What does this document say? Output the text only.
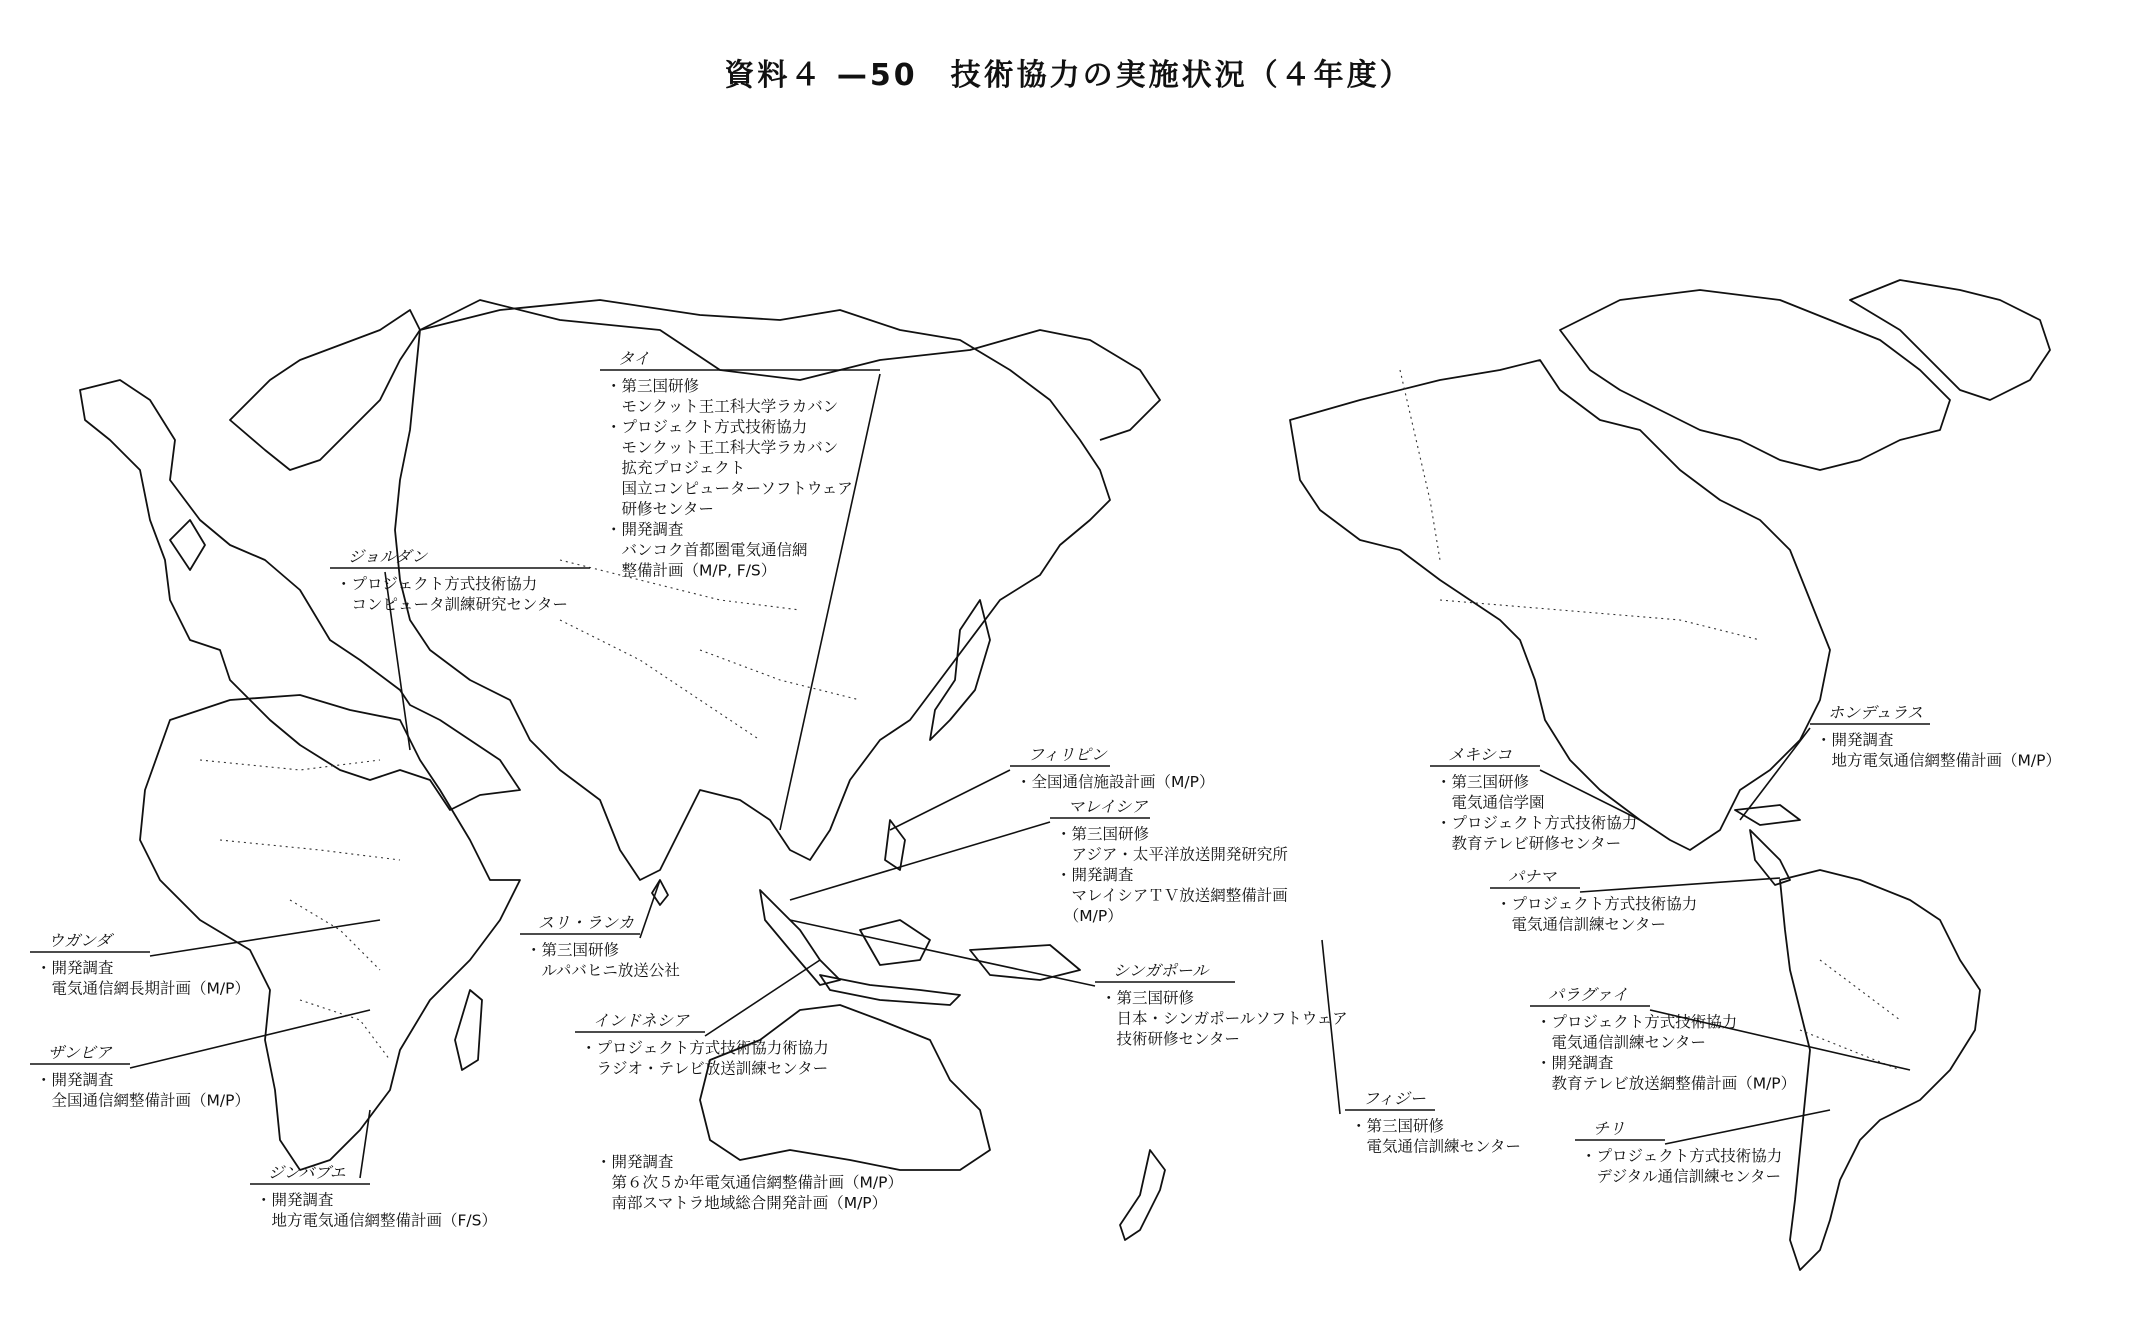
資料４ —50　技術協力の実施状況（４年度）
タイ
・第三国研修
　モンクット王工科大学ラカバン
・プロジェクト方式技術協力
　モンクット王工科大学ラカバン
　拡充プロジェクト
　国立コンピューターソフトウェア
　研修センター
・開発調査
　バンコク首都圏電気通信網
　整備計画（M/P, F/S）
ジョルダン
・プロジェクト方式技術協力
　コンピュータ訓練研究センター
フィリピン
・全国通信施設計画（M/P）
マレイシア
・第三国研修
　アジア・太平洋放送開発研究所
・開発調査
　マレイシアＴＶ放送網整備計画
　（M/P）
スリ・ランカ
・第三国研修
　ルパバヒニ放送公社
ウガンダ
・開発調査
　電気通信網長期計画（M/P）
ザンビア
・開発調査
　全国通信網整備計画（M/P）
ジンバブエ
・開発調査
　地方電気通信網整備計画（F/S）
インドネシア
・プロジェクト方式技術協力術協力
　ラジオ・テレビ放送訓練センター
・開発調査
　第６次５か年電気通信網整備計画（M/P）
　南部スマトラ地域総合開発計画（M/P）
シンガポール
・第三国研修
　日本・シンガポールソフトウェア
　技術研修センター
フィジー
・第三国研修
　電気通信訓練センター
メキシコ
・第三国研修
　電気通信学園
・プロジェクト方式技術協力
　教育テレビ研修センター
ホンデュラス
・開発調査
　地方電気通信網整備計画（M/P）
パナマ
・プロジェクト方式技術協力
　電気通信訓練センター
パラグァイ
・プロジェクト方式技術協力
　電気通信訓練センター
・開発調査
　教育テレビ放送網整備計画（M/P）
チリ
・プロジェクト方式技術協力
　デジタル通信訓練センター
